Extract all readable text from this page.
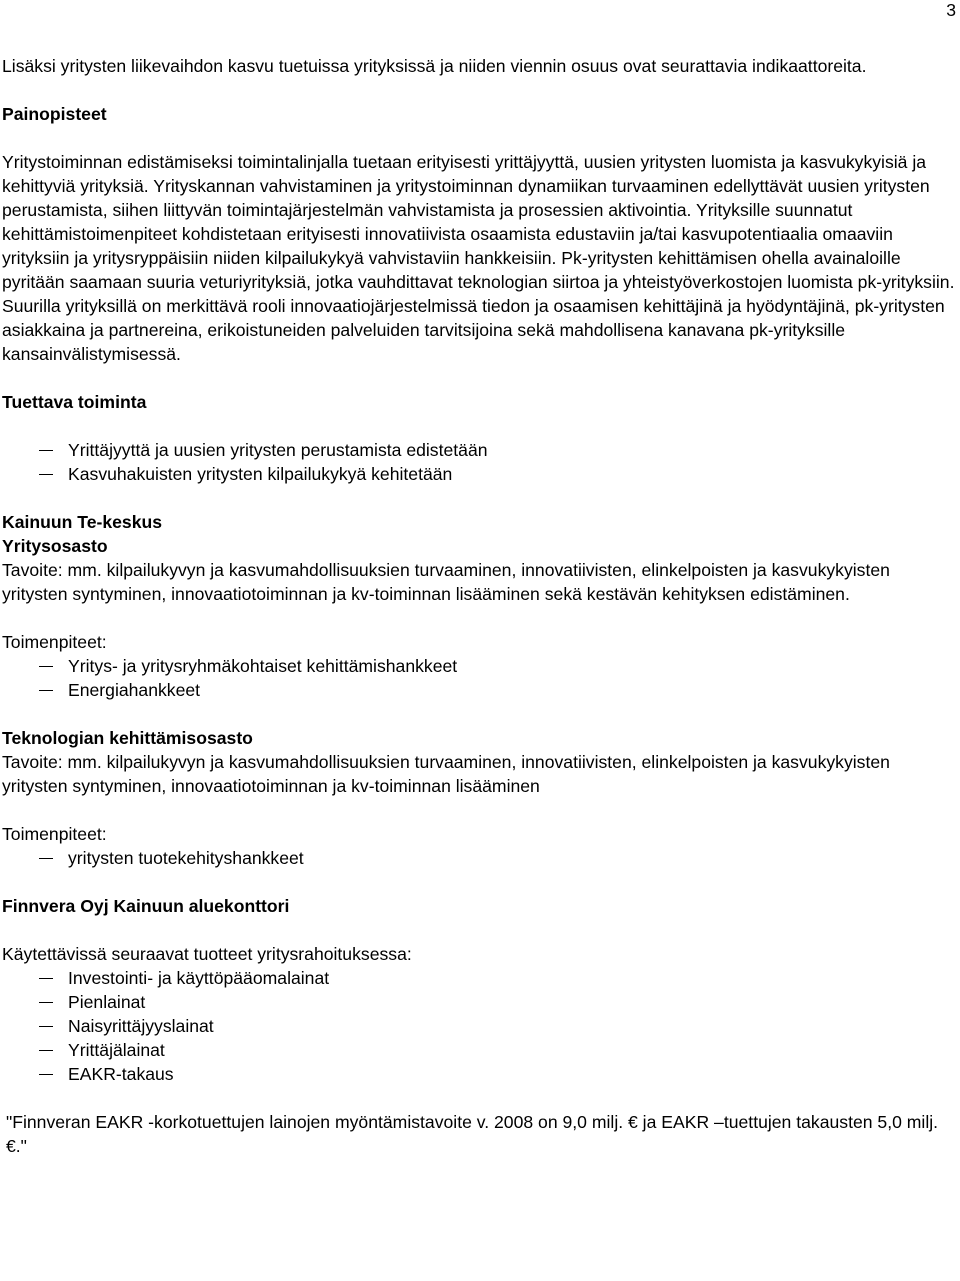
3

Lisäksi yritysten liikevaihdon kasvu tuetuissa yrityksissä ja niiden viennin osuus ovat seurattavia indikaattoreita.

Painopisteet

Yritystoiminnan edistämiseksi toimintalinjalla tuetaan erityisesti yrittäjyyttä, uusien yritysten luomista ja kasvukykyisiä ja kehittyviä yrityksiä. Yrityskannan vahvistaminen ja yritystoiminnan dynamiikan turvaaminen edellyttävät uusien yritysten perustamista, siihen liittyvän toimintajärjestelmän vahvistamista ja prosessien aktivointia. Yrityksille suunnatut kehittämistoimenpiteet kohdistetaan erityisesti innovatiivista osaamista edustaviin ja/tai kasvupotentiaalia omaaviin yrityksiin ja yritysryppäisiin niiden kilpailukykyä vahvistaviin hankkeisiin. Pk-yritysten kehittämisen ohella avainaloille pyritään saamaan suuria veturiyrityksiä, jotka vauhdittavat teknologian siirtoa ja yhteistyöverkostojen luomista pk-yrityksiin. Suurilla yrityksillä on merkittävä rooli innovaatiojärjestelmissä tiedon ja osaamisen kehittäjinä ja hyödyntäjinä, pk-yritysten asiakkaina ja partnereina, erikoistuneiden palveluiden tarvitsijoina sekä mahdollisena kanavana pk-yrityksille kansainvälistymisessä.

Tuettava toiminta

Yrittäjyyttä ja uusien yritysten perustamista edistetään
Kasvuhakuisten yritysten kilpailukykyä kehitetään

Kainuun Te-keskus

Yritysosasto

Tavoite: mm. kilpailukyvyn ja kasvumahdollisuuksien turvaaminen, innovatiivisten, elinkelpoisten ja kasvukykyisten yritysten syntyminen, innovaatiotoiminnan ja kv-toiminnan lisääminen sekä kestävän kehityksen edistäminen.

Toimenpiteet:

Yritys- ja yritysryhmäkohtaiset kehittämishankkeet
Energiahankkeet

Teknologian kehittämisosasto

Tavoite: mm. kilpailukyvyn ja kasvumahdollisuuksien turvaaminen, innovatiivisten, elinkelpoisten ja kasvukykyisten yritysten syntyminen, innovaatiotoiminnan ja kv-toiminnan lisääminen

Toimenpiteet:

yritysten tuotekehityshankkeet

Finnvera Oyj Kainuun aluekonttori

Käytettävissä seuraavat tuotteet yritysrahoituksessa:

Investointi- ja käyttöpääomalainat
Pienlainat
Naisyrittäjyyslainat
Yrittäjälainat
EAKR-takaus

"Finnveran EAKR -korkotuettujen lainojen myöntämistavoite v. 2008 on 9,0 milj. € ja EAKR –tuettujen takausten 5,0 milj. €."
